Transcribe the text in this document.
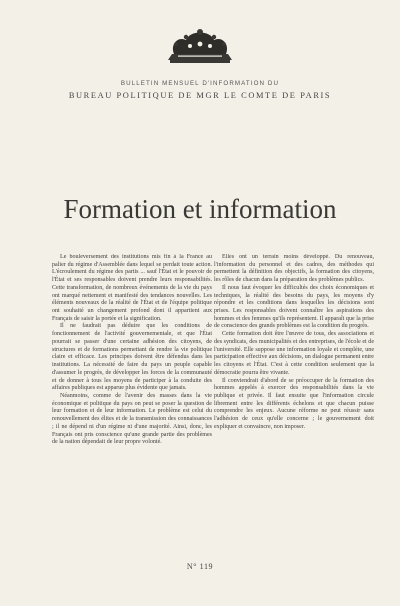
BULLETIN MENSUEL D'INFORMATION DU
BUREAU POLITIQUE DE MGR LE COMTE DE PARIS
Formation et information

Le bouleversement des institutions mis fin à la France au palier du régime d'Assemblée dans lequel se perdait toute action. L'écroulement du régime des partis ... sauf l'État et le pouvoir de l'État et ses responsables doivent prendre leurs responsabilités. Cette transformation, de nombreux événements de la vie du pays ont marqué nettement et manifesté des tendances nouvelles. Les éléments nouveaux de la réalité de l'État et de l'équipe politique ont souhaité un changement profond dont il appartient aux Français de saisir la portée et la signification.

Il ne faudrait pas déduire que les conditions de fonctionnement de l'activité gouvernementale, et que l'État pourrait se passer d'une certaine adhésion des citoyens, de structures et de formations permettant de rendre la vie politique claire et efficace. Les principes doivent être défendus dans les institutions. La nécessité de faire du pays un peuple capable d'assumer le progrès, de développer les forces de la communauté et de donner à tous les moyens de participer à la conduite des affaires publiques est apparue plus évidente que jamais.

Néanmoins, comme de l'avenir des masses dans la vie économique et politique du pays on peut se poser la question de leur formation et de leur information. Le problème est celui du renouvellement des élites et de la transmission des connaissances ; il ne dépend ni d'un régime ni d'une majorité. Ainsi, donc, les Français ont pris conscience qu'une grande partie des problèmes de la nation dépendait de leur propre volonté.

Elles ont un terrain moins développé. Du renouveau, l'information du personnel et des cadres, des méthodes qui permettent la définition des objectifs, la formation des citoyens, les rôles de chacun dans la préparation des problèmes publics.

Il nous faut évoquer les difficultés des choix économiques et techniques, la réalité des besoins du pays, les moyens d'y répondre et les conditions dans lesquelles les décisions sont prises. Les responsables doivent connaître les aspirations des hommes et des femmes qu'ils représentent. Il apparaît que la prise de conscience des grands problèmes est la condition du progrès.

Cette formation doit être l'œuvre de tous, des associations et des syndicats, des municipalités et des entreprises, de l'école et de l'université. Elle suppose une information loyale et complète, une participation effective aux décisions, un dialogue permanent entre les citoyens et l'État. C'est à cette condition seulement que la démocratie pourra être vivante.

Il conviendrait d'abord de se préoccuper de la formation des hommes appelés à exercer des responsabilités dans la vie publique et privée. Il faut ensuite que l'information circule librement entre les différents échelons et que chacun puisse comprendre les enjeux. Aucune réforme ne peut réussir sans l'adhésion de ceux qu'elle concerne ; le gouvernement doit expliquer et convaincre, non imposer.

N° 119
